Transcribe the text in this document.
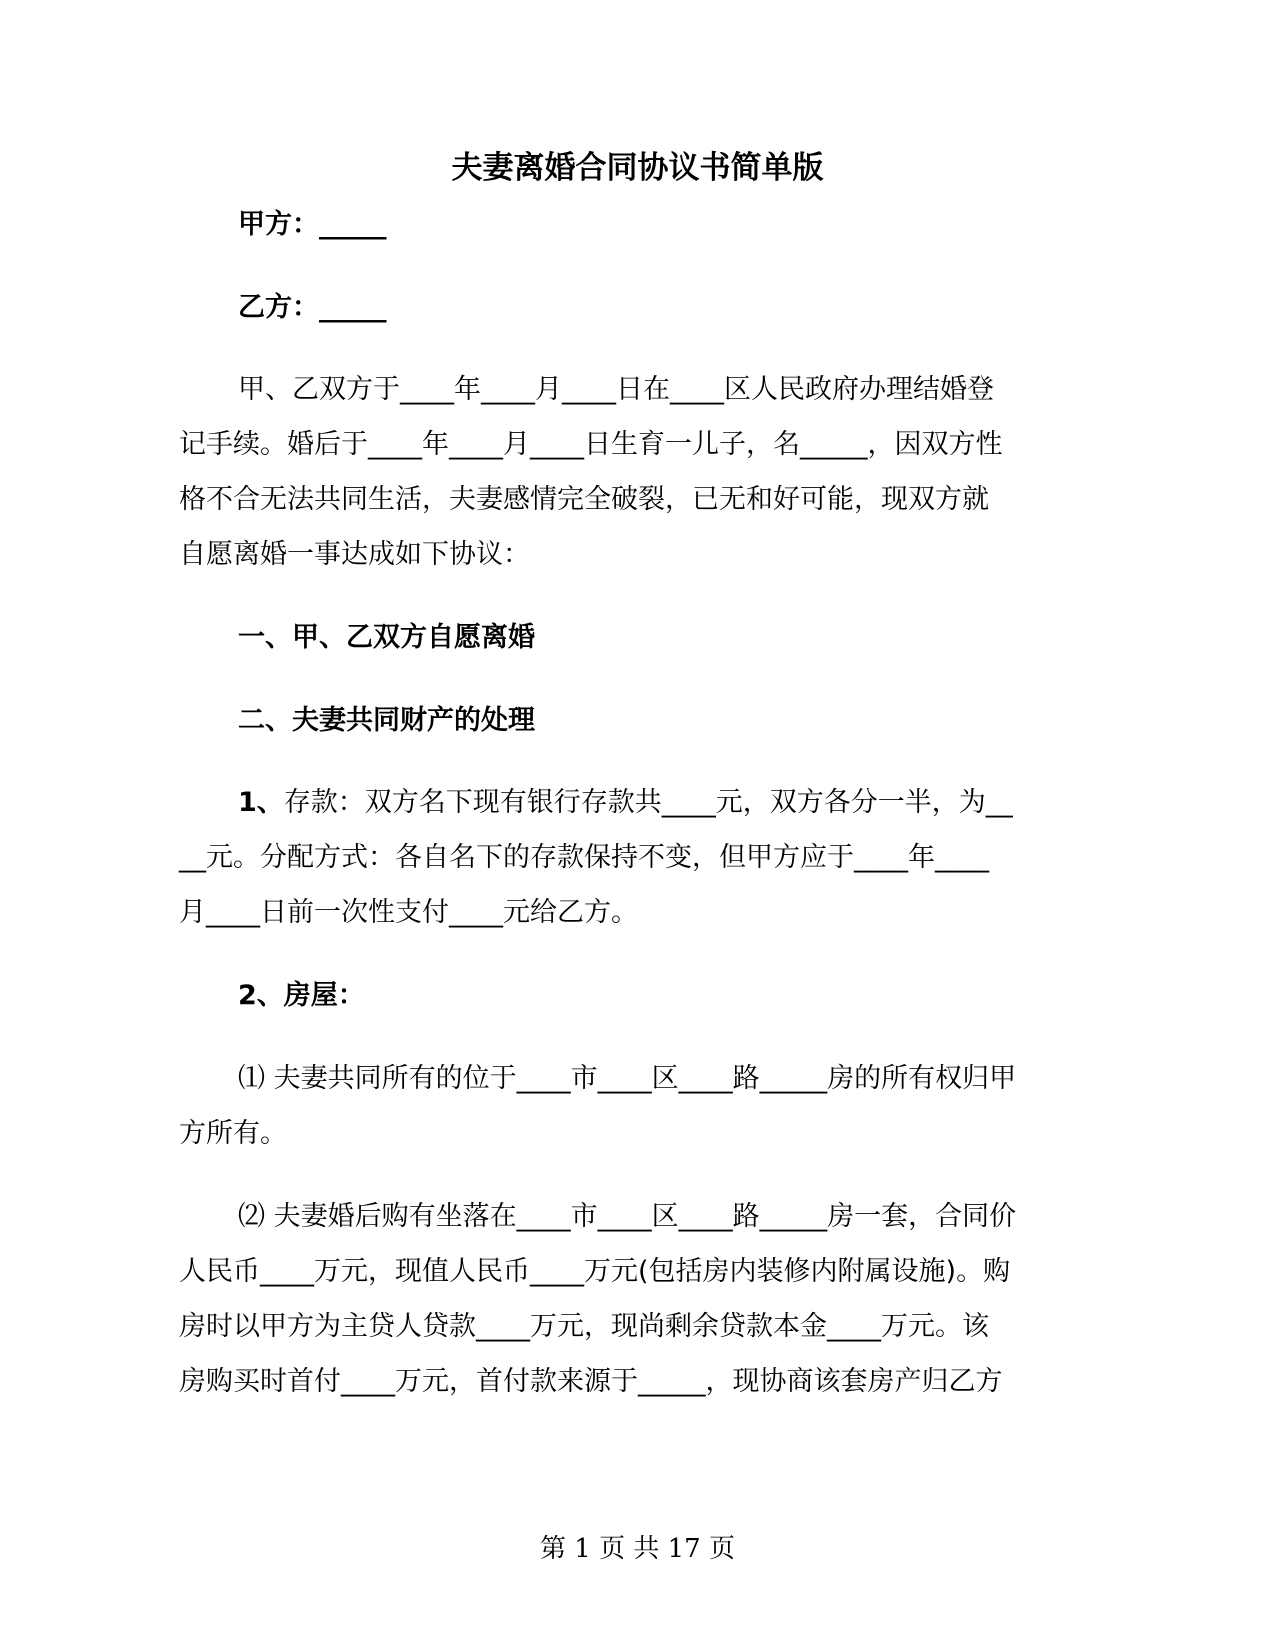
夫妻离婚合同协议书简单版
甲方：_____
乙方：_____
甲、乙双方于____年____月____日在____区人民政府办理结婚登
记手续。婚后于____年____月____日生育一儿子，名_____，因双方性
格不合无法共同生活，夫妻感情完全破裂，已无和好可能，现双方就
自愿离婚一事达成如下协议：
一、甲、乙双方自愿离婚
二、夫妻共同财产的处理
1、存款：双方名下现有银行存款共____元，双方各分一半，为__
__元。分配方式：各自名下的存款保持不变，但甲方应于____年____
月____日前一次性支付____元给乙方。
2、房屋：
⑴ 夫妻共同所有的位于____市____区____路_____房的所有权归甲
方所有。
⑵ 夫妻婚后购有坐落在____市____区____路_____房一套，合同价
人民币____万元，现值人民币____万元(包括房内装修内附属设施)。购
房时以甲方为主贷人贷款____万元，现尚剩余贷款本金____万元。该
房购买时首付____万元，首付款来源于_____，现协商该套房产归乙方
第 1 页 共 17 页
